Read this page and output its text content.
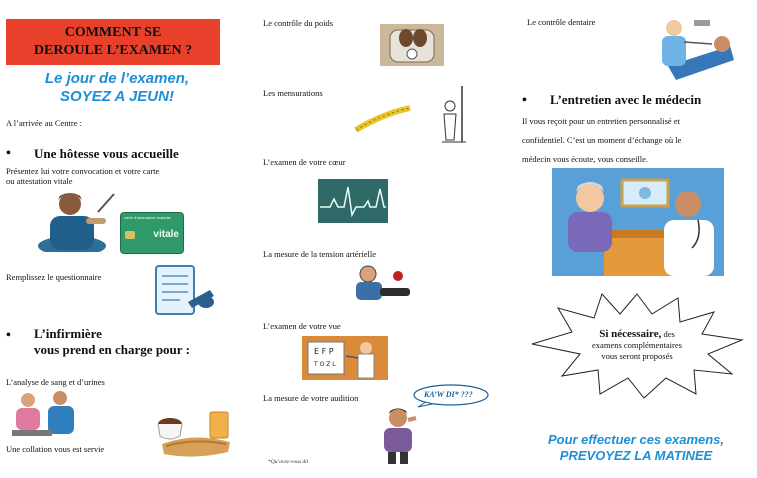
COMMENT SE
DEROULE L’EXAMEN ?
Le jour de l’examen,
SOYEZ A JEUN!
A l’arrivée au Centre :
• Une hôtesse vous accueille
Présentez lui votre convocation et votre carte
ou attestation vitale
carte d’assurance maladie
vitale
Remplissez le questionnaire
• L’infirmière
vous prend en charge pour :
L’analyse de sang et d’urines
Une collation vous est servie
Le contrôle du poids
Les mensurations
L’examen de votre cœur
La mesure de la tension artérielle
L’examen de votre vue
E F P
T O Z L
La mesure de votre audition	KA’W DI* ???
*Qu’avez-vous dit
Le contrôle dentaire
• L’entretien avec le médecin
Il vous reçoit pour un entretien personnalisé et
confidentiel. C’est un moment d’échange où le
médecin vous écoute, vous conseille.
Si nécessaire, des
examens complémentaires
vous seront proposés
Pour effectuer ces examens,
PREVOYEZ LA MATINEE
